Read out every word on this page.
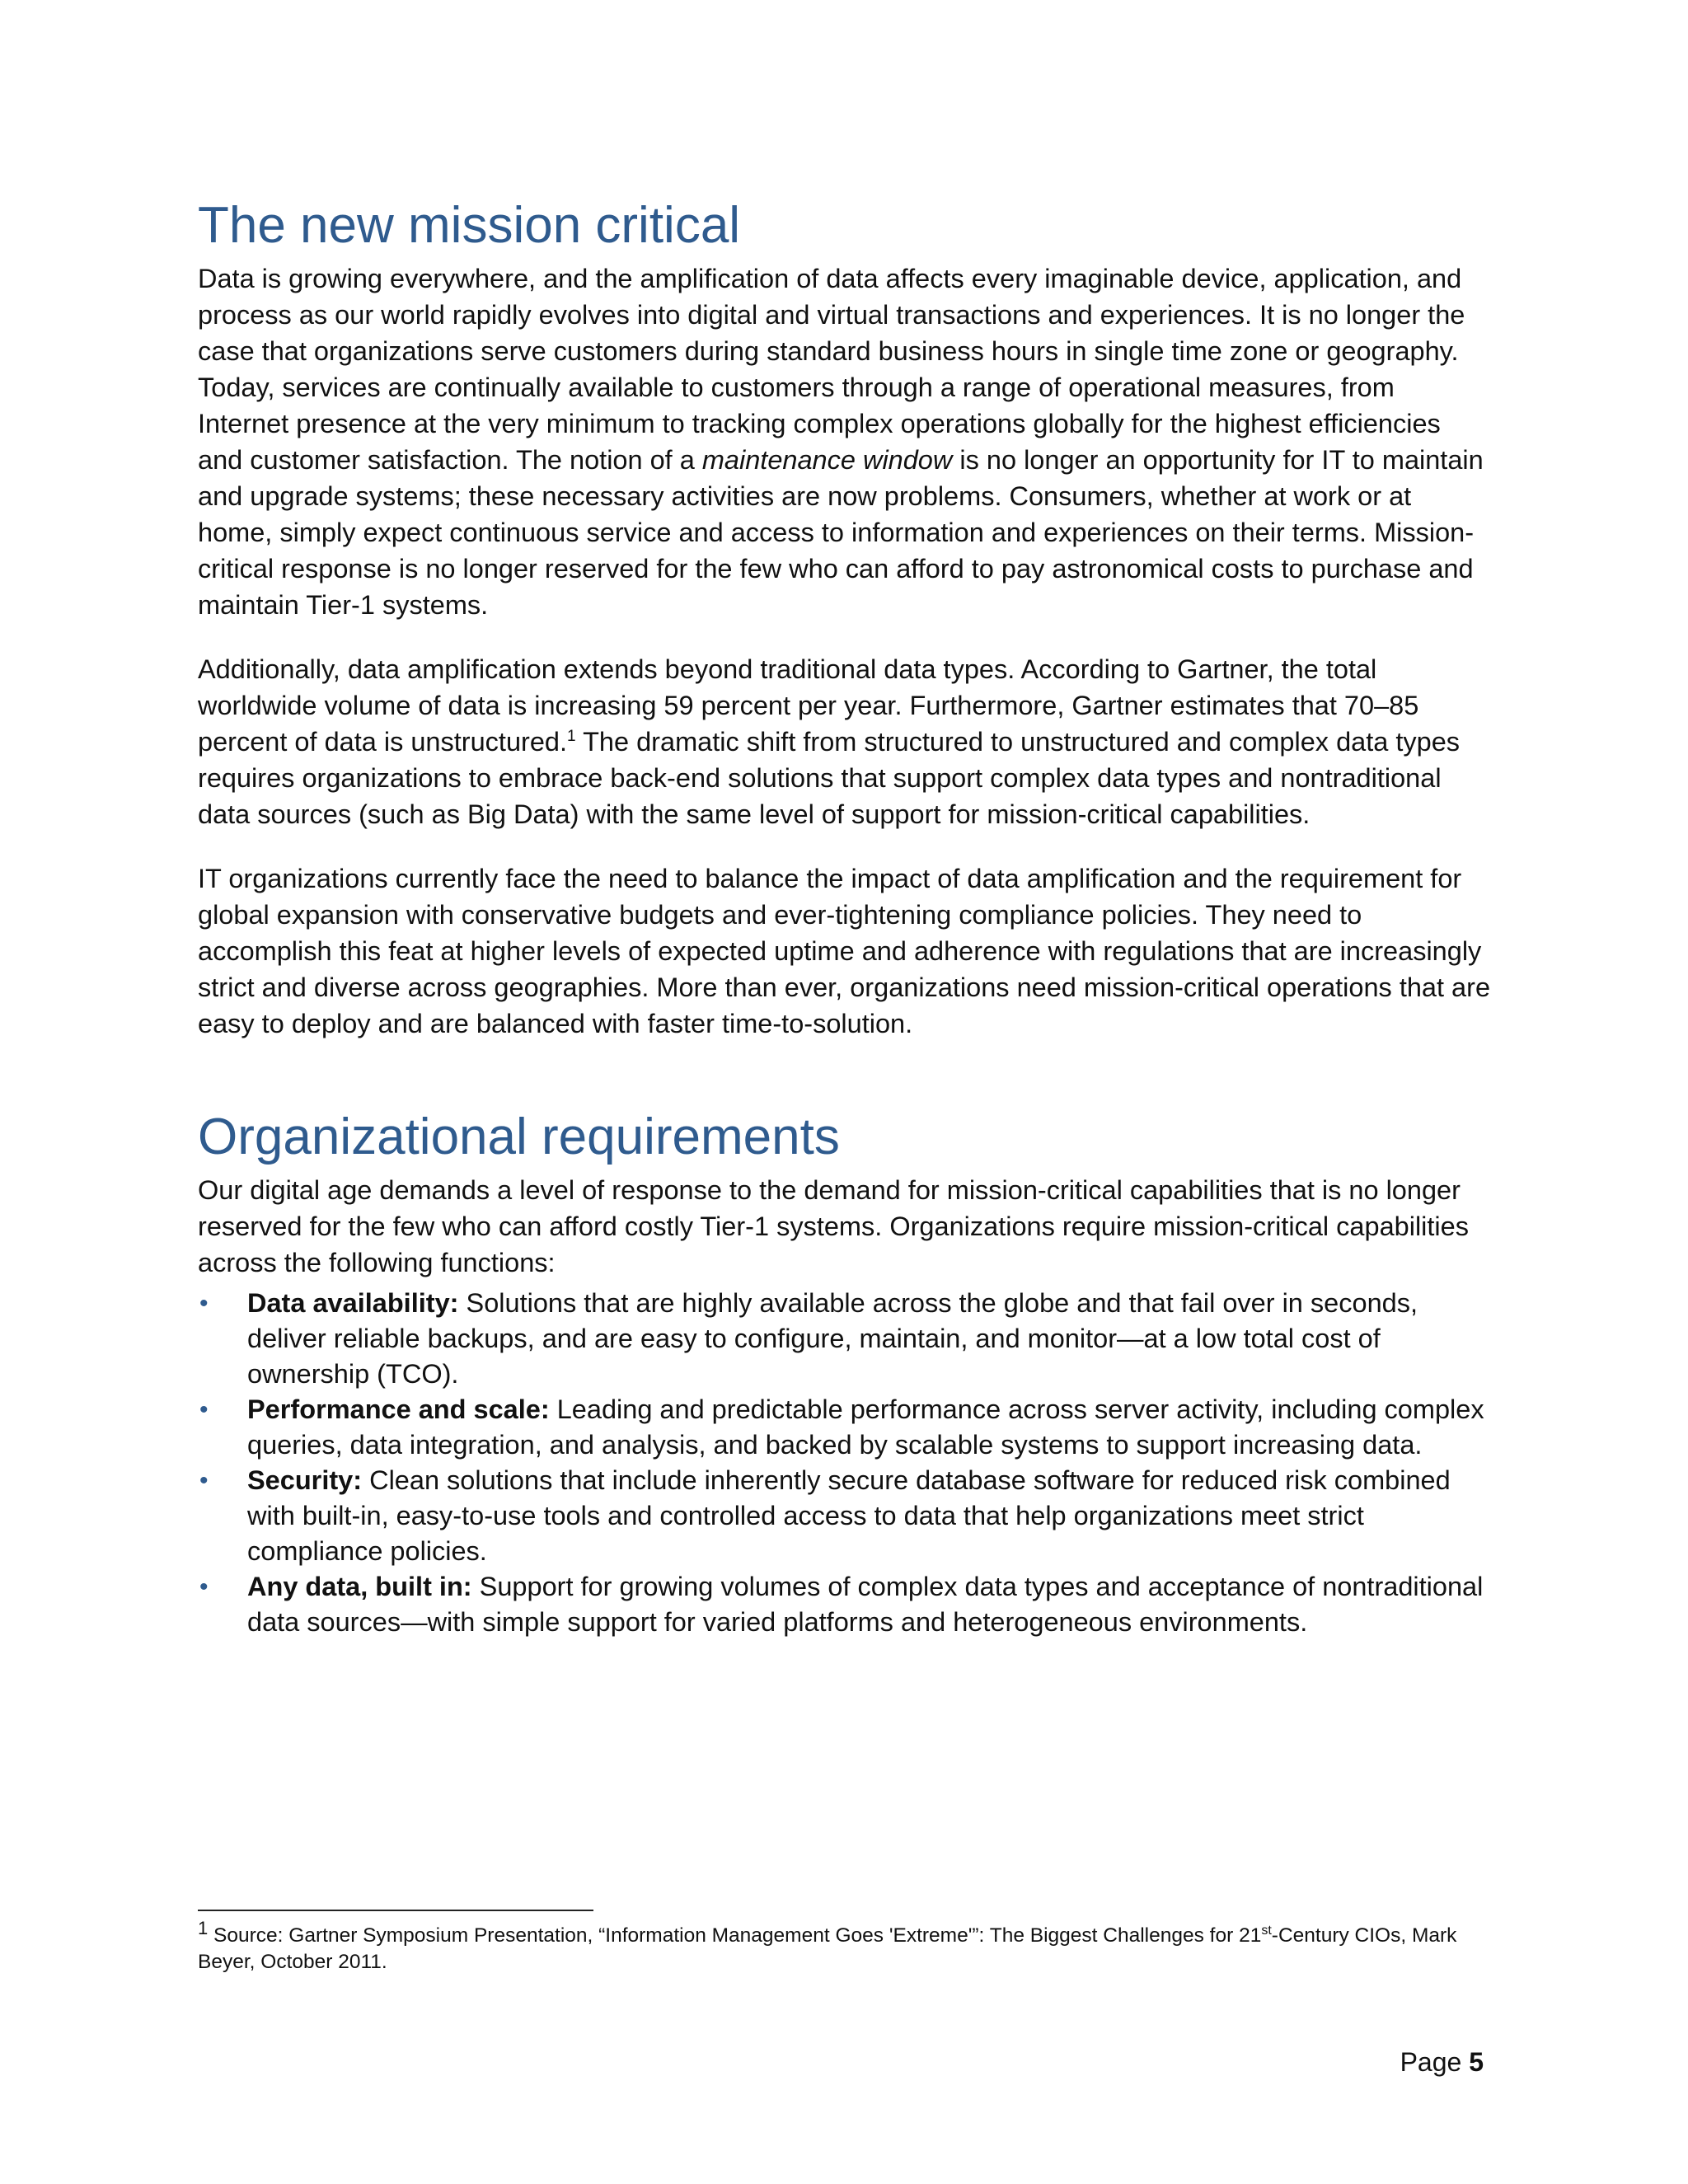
The new mission critical

Data is growing everywhere, and the amplification of data affects every imaginable device, application, and process as our world rapidly evolves into digital and virtual transactions and experiences. It is no longer the case that organizations serve customers during standard business hours in single time zone or geography. Today, services are continually available to customers through a range of operational measures, from Internet presence at the very minimum to tracking complex operations globally for the highest efficiencies and customer satisfaction. The notion of a maintenance window is no longer an opportunity for IT to maintain and upgrade systems; these necessary activities are now problems. Consumers, whether at work or at home, simply expect continuous service and access to information and experiences on their terms. Mission-critical response is no longer reserved for the few who can afford to pay astronomical costs to purchase and maintain Tier-1 systems.

Additionally, data amplification extends beyond traditional data types. According to Gartner, the total worldwide volume of data is increasing 59 percent per year. Furthermore, Gartner estimates that 70–85 percent of data is unstructured.$^1$ The dramatic shift from structured to unstructured and complex data types requires organizations to embrace back-end solutions that support complex data types and nontraditional data sources (such as Big Data) with the same level of support for mission-critical capabilities.

IT organizations currently face the need to balance the impact of data amplification and the requirement for global expansion with conservative budgets and ever-tightening compliance policies. They need to accomplish this feat at higher levels of expected uptime and adherence with regulations that are increasingly strict and diverse across geographies. More than ever, organizations need mission-critical operations that are easy to deploy and are balanced with faster time-to-solution.

Organizational requirements

Our digital age demands a level of response to the demand for mission-critical capabilities that is no longer reserved for the few who can afford costly Tier-1 systems. Organizations require mission-critical capabilities across the following functions:

• Data availability: Solutions that are highly available across the globe and that fail over in seconds, deliver reliable backups, and are easy to configure, maintain, and monitor—at a low total cost of ownership (TCO).
• Performance and scale: Leading and predictable performance across server activity, including complex queries, data integration, and analysis, and backed by scalable systems to support increasing data.
• Security: Clean solutions that include inherently secure database software for reduced risk combined with built-in, easy-to-use tools and controlled access to data that help organizations meet strict compliance policies.
• Any data, built in: Support for growing volumes of complex data types and acceptance of nontraditional data sources—with simple support for varied platforms and heterogeneous environments.
1 Source: Gartner Symposium Presentation, “Information Management Goes 'Extreme'”: The Biggest Challenges for 21st-Century CIOs, Mark Beyer, October 2011.
Page 5
